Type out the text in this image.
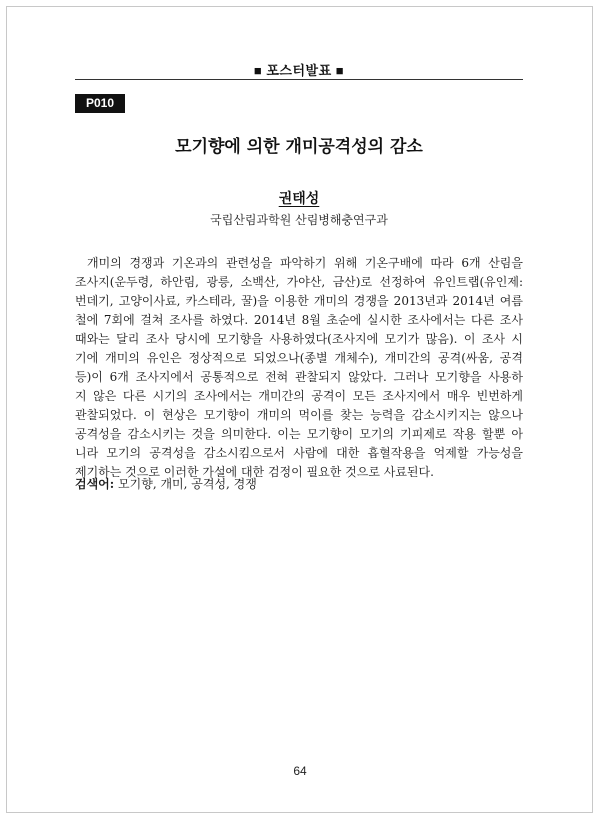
■ 포스터발표 ■
P010
모기향에 의한 개미공격성의 감소
권태성
국립산림과학원 산림병해충연구과
개미의 경쟁과 기온과의 관련성을 파악하기 위해 기온구배에 따라 6개 산림을
조사지(운두령, 하안림, 광릉, 소백산, 가야산, 금산)로 선정하여 유인트랩(유인제:
번데기, 고양이사료, 카스테라, 꿀)을 이용한 개미의 경쟁을 2013년과 2014년 여름
철에 7회에 걸쳐 조사를 하였다. 2014년 8월 초순에 실시한 조사에서는 다른 조사
때와는 달리 조사 당시에 모기향을 사용하였다(조사지에 모기가 많음). 이 조사 시
기에 개미의 유인은 정상적으로 되었으나(종별 개체수), 개미간의 공격(싸움, 공격
등)이 6개 조사지에서 공통적으로 전혀 관찰되지 않았다. 그러나 모기향을 사용하
지 않은 다른 시기의 조사에서는 개미간의 공격이 모든 조사지에서 매우 빈번하게
관찰되었다. 이 현상은 모기향이 개미의 먹이를 찾는 능력을 감소시키지는 않으나
공격성을 감소시키는 것을 의미한다. 이는 모기향이 모기의 기피제로 작용 할뿐 아
니라 모기의 공격성을 감소시킴으로서 사람에 대한 흡혈작용을 억제할 가능성을
제기하는 것으로 이러한 가설에 대한 검정이 필요한 것으로 사료된다.
검색어: 모기향, 개미, 공격성, 경쟁
64
